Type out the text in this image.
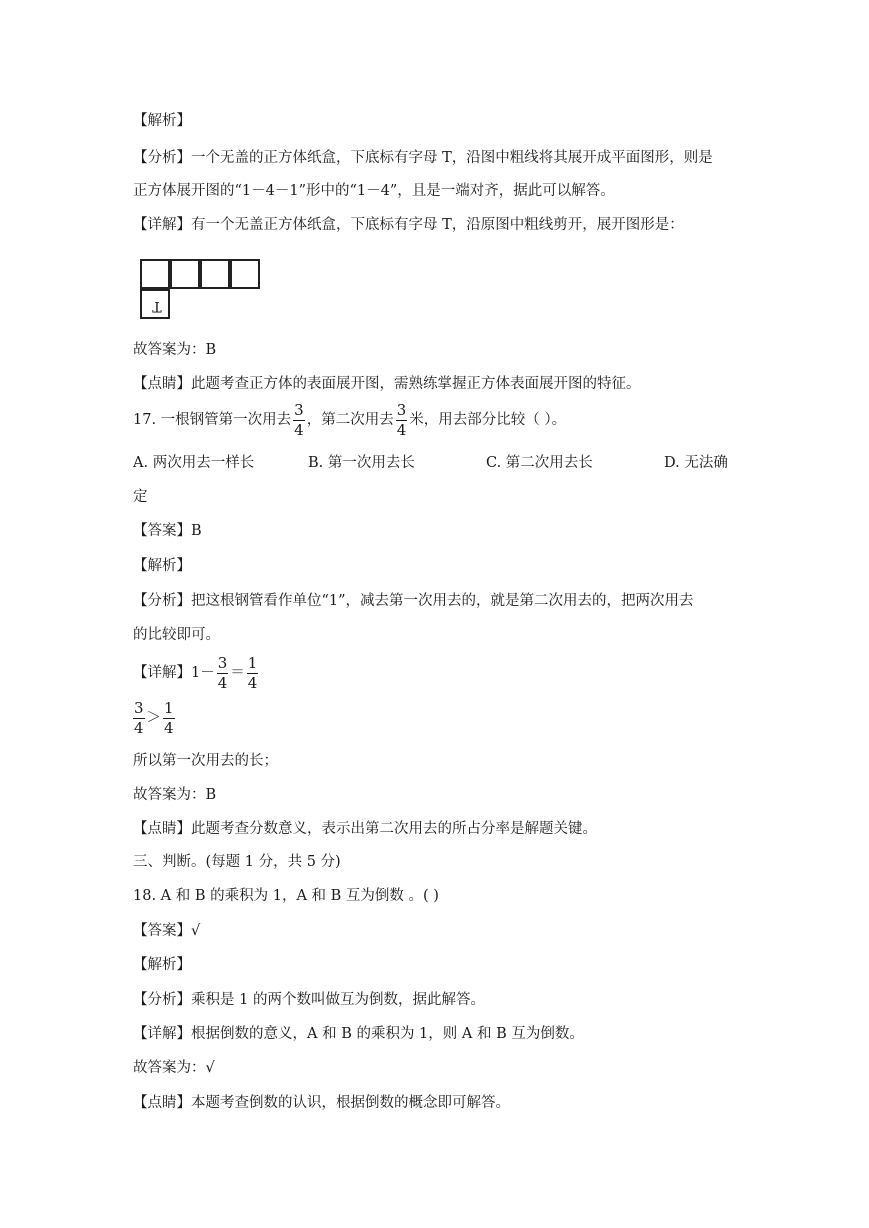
【解析】
【分析】一个无盖的正方体纸盒，下底标有字母 T，沿图中粗线将其展开成平面图形，则是
正方体展开图的“1－4－1”形中的“1－4”，且是一端对齐，据此可以解答。
【详解】有一个无盖正方体纸盒，下底标有字母 T，沿原图中粗线剪开，展开图形是：
T
故答案为：B
【点睛】此题考查正方体的表面展开图，需熟练掌握正方体表面展开图的特征。
17. 一根钢管第一次用去 $\frac{3}{4}$ ，第二次用去 $\frac{3}{4}$ 米，用去部分比较（ ）。
A. 两次用去一样长	B. 第一次用去长	C. 第二次用去长	D. 无法确
定
【答案】B
【解析】
【分析】把这根钢管看作单位“1”，减去第一次用去的，就是第二次用去的，把两次用去
的比较即可。
【详解】$1- \frac{3}{4} = \frac{1}{4}$
$\frac{3}{4} > \frac{1}{4}$
所以第一次用去的长；
故答案为：B
【点睛】此题考查分数意义，表示出第二次用去的所占分率是解题关键。
三、判断。(每题 1 分，共 5 分)
18. A 和 B 的乘积为 1，A 和 B 互为倒数 。( )
【答案】√
【解析】
【分析】乘积是 1 的两个数叫做互为倒数，据此解答。
【详解】根据倒数的意义，A 和 B 的乘积为 1，则 A 和 B 互为倒数。
故答案为：√
【点睛】本题考查倒数的认识，根据倒数的概念即可解答。
